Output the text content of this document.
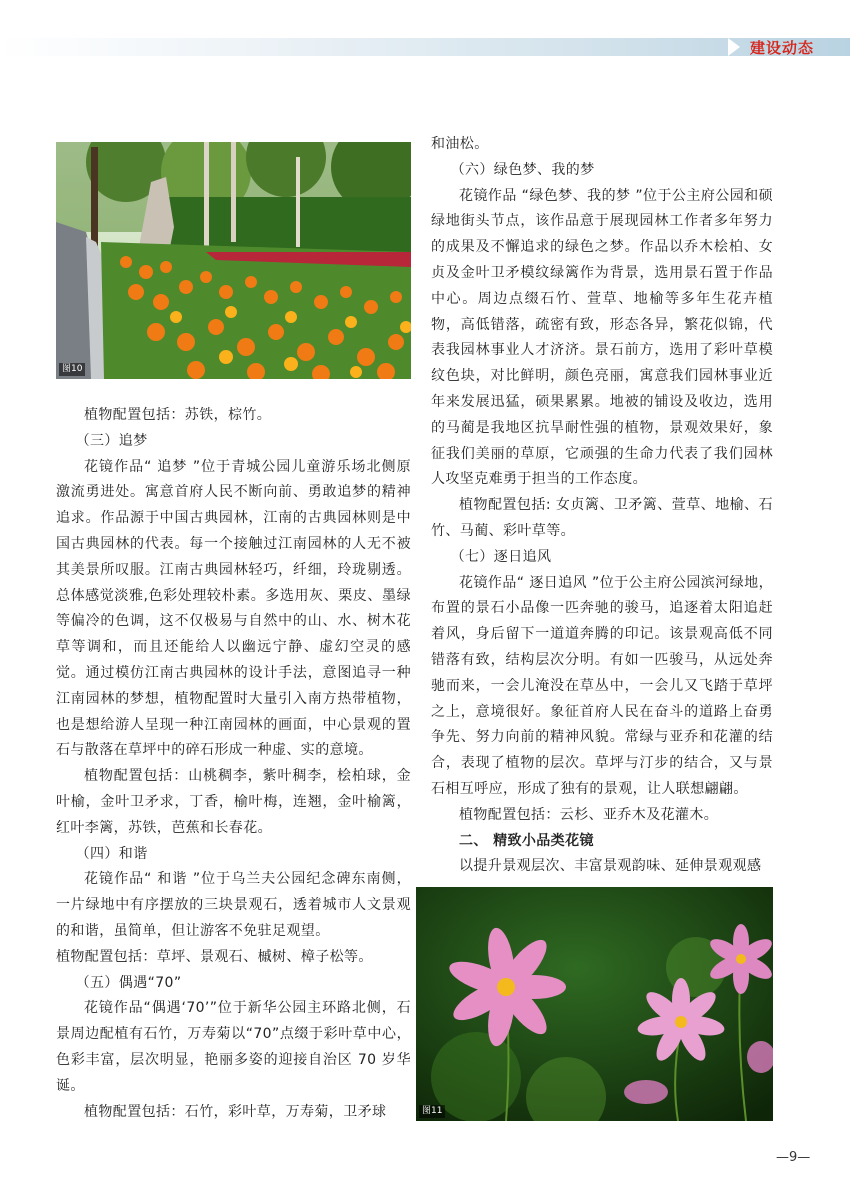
建设动态
图10
图11

植物配置包括：苏铁，棕竹。

（三）追梦

花镜作品“ 追梦 ”位于青城公园儿童游乐场北侧原激流勇进处。寓意首府人民不断向前、勇敢追梦的精神追求。作品源于中国古典园林，江南的古典园林则是中国古典园林的代表。每一个接触过江南园林的人无不被其美景所叹服。江南古典园林轻巧，纤细，玲珑剔透。总体感觉淡雅,色彩处理较朴素。多选用灰、栗皮、墨绿等偏冷的色调，这不仅极易与自然中的山、水、树木花草等调和，而且还能给人以幽远宁静、虚幻空灵的感觉。通过模仿江南古典园林的设计手法，意图追寻一种江南园林的梦想，植物配置时大量引入南方热带植物，也是想给游人呈现一种江南园林的画面，中心景观的置石与散落在草坪中的碎石形成一种虚、实的意境。

植物配置包括：山桃稠李，紫叶稠李，桧柏球，金叶榆，金叶卫矛求，丁香，榆叶梅，连翘，金叶榆篱，红叶李篱，苏铁，芭蕉和长春花。

（四）和谐

花镜作品“ 和谐 ”位于乌兰夫公园纪念碑东南侧，一片绿地中有序摆放的三块景观石，透着城市人文景观的和谐，虽简单，但让游客不免驻足观望。

植物配置包括：草坪、景观石、槭树、樟子松等。

（五）偶遇“70”

花镜作品“偶遇‘70’”位于新华公园主环路北侧，石景周边配植有石竹，万寿菊以“70”点缀于彩叶草中心，色彩丰富，层次明显，艳丽多姿的迎接自治区 70 岁华诞。

植物配置包括：石竹，彩叶草，万寿菊，卫矛球

和油松。

（六）绿色梦、我的梦

花镜作品 “绿色梦、我的梦 ”位于公主府公园和硕绿地街头节点，该作品意于展现园林工作者多年努力的成果及不懈追求的绿色之梦。作品以乔木桧柏、女贞及金叶卫矛模纹绿篱作为背景，选用景石置于作品中心。周边点缀石竹、萱草、地榆等多年生花卉植物，高低错落，疏密有致，形态各异，繁花似锦，代表我园林事业人才济济。景石前方，选用了彩叶草模纹色块，对比鲜明，颜色亮丽，寓意我们园林事业近年来发展迅猛，硕果累累。地被的铺设及收边，选用的马蔺是我地区抗旱耐性强的植物，景观效果好，象征我们美丽的草原，它顽强的生命力代表了我们园林人攻坚克难勇于担当的工作态度。

植物配置包括: 女贞篱、卫矛篱、萱草、地榆、石竹、马蔺、彩叶草等。

（七）逐日追风

花镜作品“ 逐日追风 ”位于公主府公园滨河绿地，布置的景石小品像一匹奔驰的骏马，追逐着太阳追赶着风，身后留下一道道奔腾的印记。该景观高低不同错落有致，结构层次分明。有如一匹骏马，从远处奔驰而来，一会儿淹没在草丛中，一会儿又飞踏于草坪之上，意境很好。象征首府人民在奋斗的道路上奋勇争先、努力向前的精神风貌。常绿与亚乔和花灌的结合，表现了植物的层次。草坪与汀步的结合，又与景石相互呼应，形成了独有的景观，让人联想翩翩。

植物配置包括：云杉、亚乔木及花灌木。

二、 精致小品类花镜

以提升景观层次、丰富景观韵味、延伸景观观感

—9—
